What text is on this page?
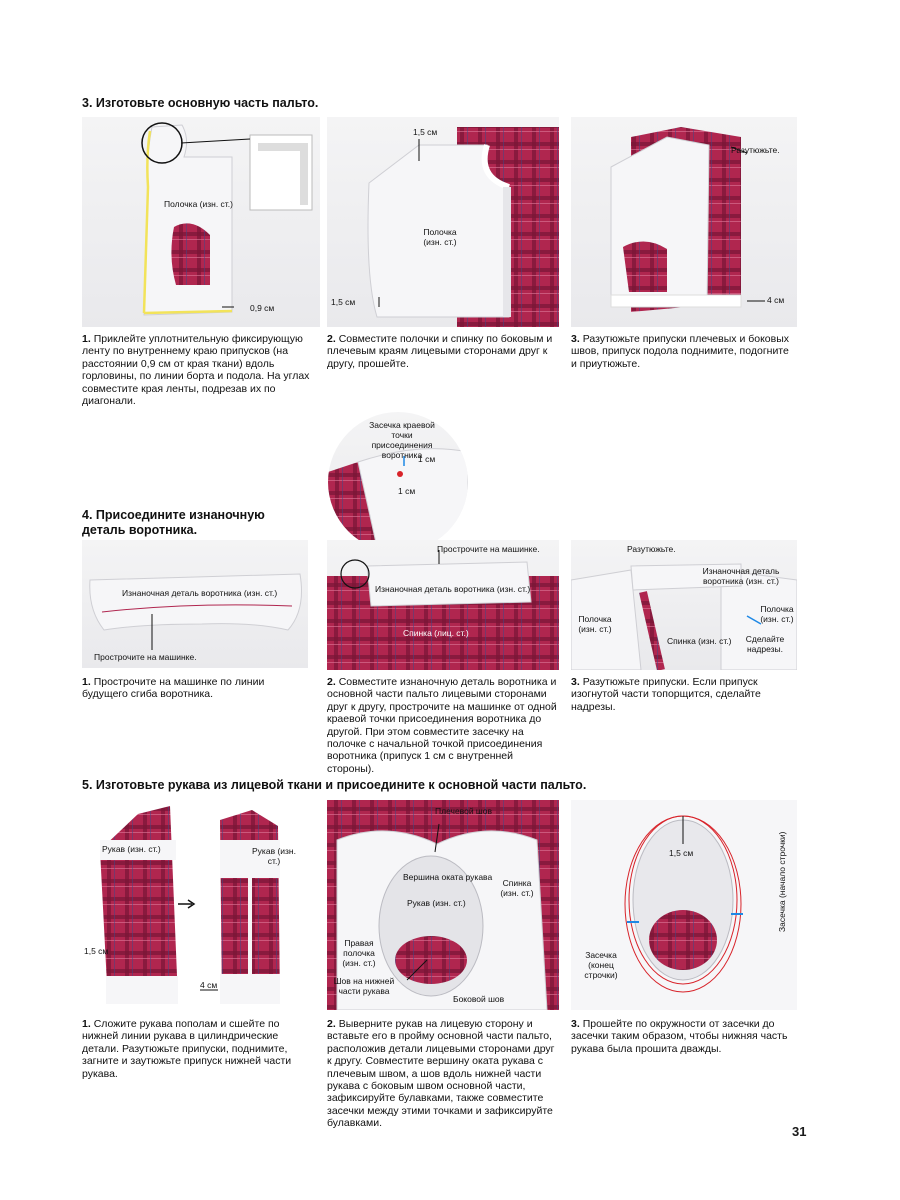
3. Изготовьте основную часть пальто.
Полочка (изн. ст.)
0,9 см
1. Приклейте уплотнительную фиксирующую ленту по внутреннему краю припусков (на расстоянии 0,9 см от края ткани) вдоль горловины, по линии борта и подола. На углах совместите края ленты, подрезав их по диагонали.
1,5 см
Полочка (изн. ст.)
1,5 см
2. Совместите полочки и спинку по боковым и плечевым краям лицевыми сторонами друг к другу, прошейте.
Разутюжьте.
4 см
3. Разутюжьте припуски плечевых и боковых швов, припуск подола поднимите, подогните и приутюжьте.
4. Присоедините изнаночную
деталь воротника.
Засечка краевой точки присоединения воротника
1 см
1 см
Изнаночная деталь воротника (изн. ст.)
Прострочите на машинке.
1. Прострочите на машинке по линии будущего сгиба воротника.
Прострочите на машинке.
Изнаночная деталь воротника (изн. ст.)
Спинка (лиц. ст.)
2. Совместите изнаночную деталь воротника и основной части пальто лицевыми сторонами друг к другу, прострочите на машинке от одной краевой точки присоединения воротника до другой. При этом совместите засечку на полочке с начальной точкой присоединения воротника (припуск 1 см с внутренней стороны).
Разутюжьте.
Изнаночная деталь воротника (изн. ст.)
Полочка (изн. ст.)
Полочка (изн. ст.)
Спинка (изн. ст.)	Сделайте надрезы.
3. Разутюжьте припуски. Если припуск изогнутой части топорщится, сделайте надрезы.
5. Изготовьте рукава из лицевой ткани и присоедините к основной части пальто.
Рукав (изн. ст.)	Рукав (изн. ст.)
1,5 см
4 см
1. Сложите рукава пополам и сшейте по нижней линии рукава в цилиндрические детали. Разутюжьте припуски, поднимите, загните и заутюжьте припуск нижней части рукава.
Плечевой шов
Вершина оката рукава
Рукав (изн. ст.)
Спинка (изн. ст.)
Правая полочка (изн. ст.)
Шов на нижней части рукава
Боковой шов
2. Выверните рукав на лицевую сторону и вставьте его в пройму основной части пальто, расположив детали лицевыми сторонами друг к другу. Совместите вершину оката рукава с плечевым швом, а шов вдоль нижней части рукава с боковым швом основной части, зафиксируйте булавками, также совместите засечки между этими точками и зафиксируйте булавками.
1,5 см	Засечка (начало строчки)
Засечка (конец строчки)
3. Прошейте по окружности от засечки до засечки таким образом, чтобы нижняя часть рукава была прошита дважды.
31
